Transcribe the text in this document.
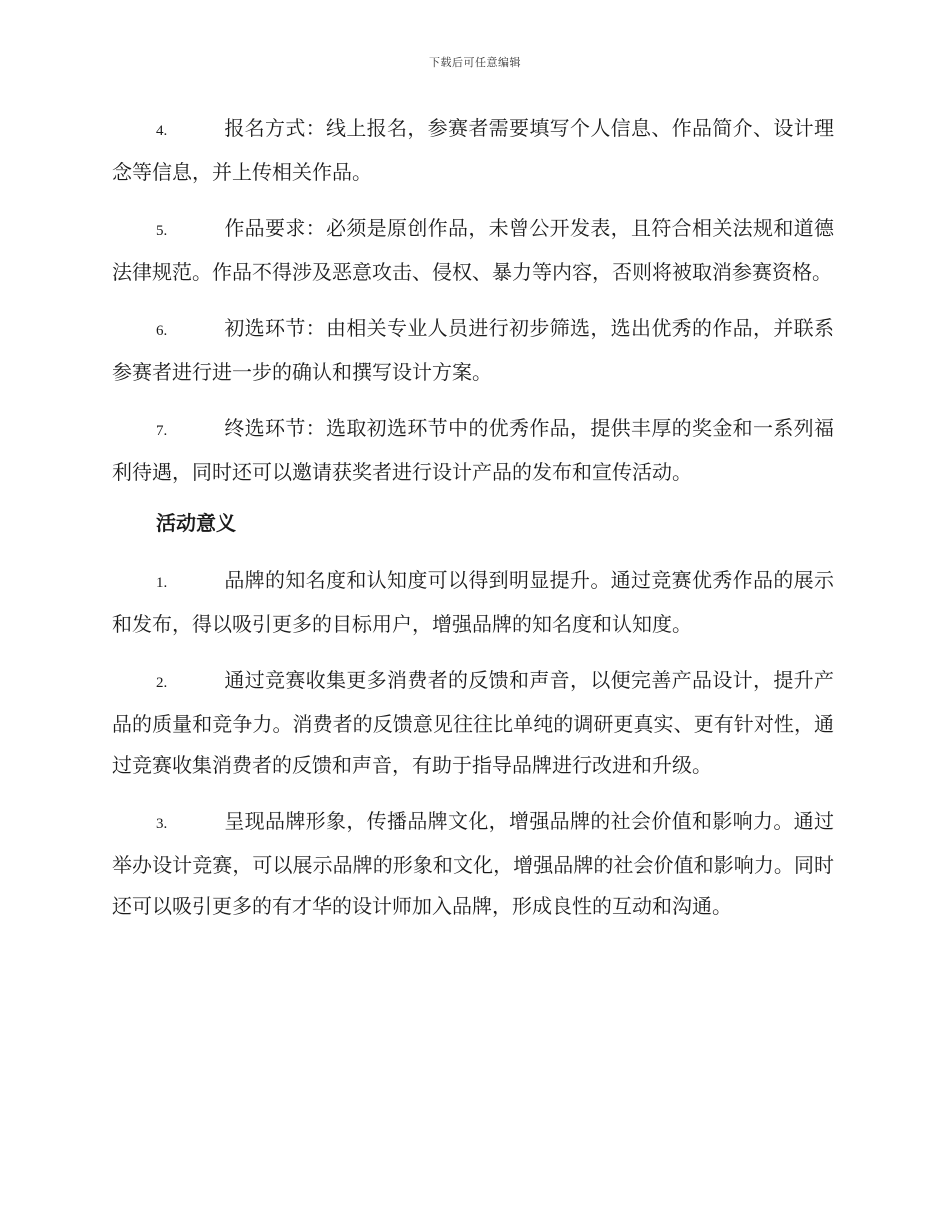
下载后可任意编辑

4.	报名方式：线上报名，参赛者需要填写个人信息、作品简介、设计理念等信息，并上传相关作品。

5.	作品要求：必须是原创作品，未曾公开发表，且符合相关法规和道德法律规范。作品不得涉及恶意攻击、侵权、暴力等内容，否则将被取消参赛资格。

6.	初选环节：由相关专业人员进行初步筛选，选出优秀的作品，并联系参赛者进行进一步的确认和撰写设计方案。

7.	终选环节：选取初选环节中的优秀作品，提供丰厚的奖金和一系列福利待遇，同时还可以邀请获奖者进行设计产品的发布和宣传活动。

活动意义

1.	品牌的知名度和认知度可以得到明显提升。通过竞赛优秀作品的展示和发布，得以吸引更多的目标用户，增强品牌的知名度和认知度。

2.	通过竞赛收集更多消费者的反馈和声音，以便完善产品设计，提升产品的质量和竞争力。消费者的反馈意见往往比单纯的调研更真实、更有针对性，通过竞赛收集消费者的反馈和声音，有助于指导品牌进行改进和升级。

3.	呈现品牌形象，传播品牌文化，增强品牌的社会价值和影响力。通过举办设计竞赛，可以展示品牌的形象和文化，增强品牌的社会价值和影响力。同时还可以吸引更多的有才华的设计师加入品牌，形成良性的互动和沟通。
